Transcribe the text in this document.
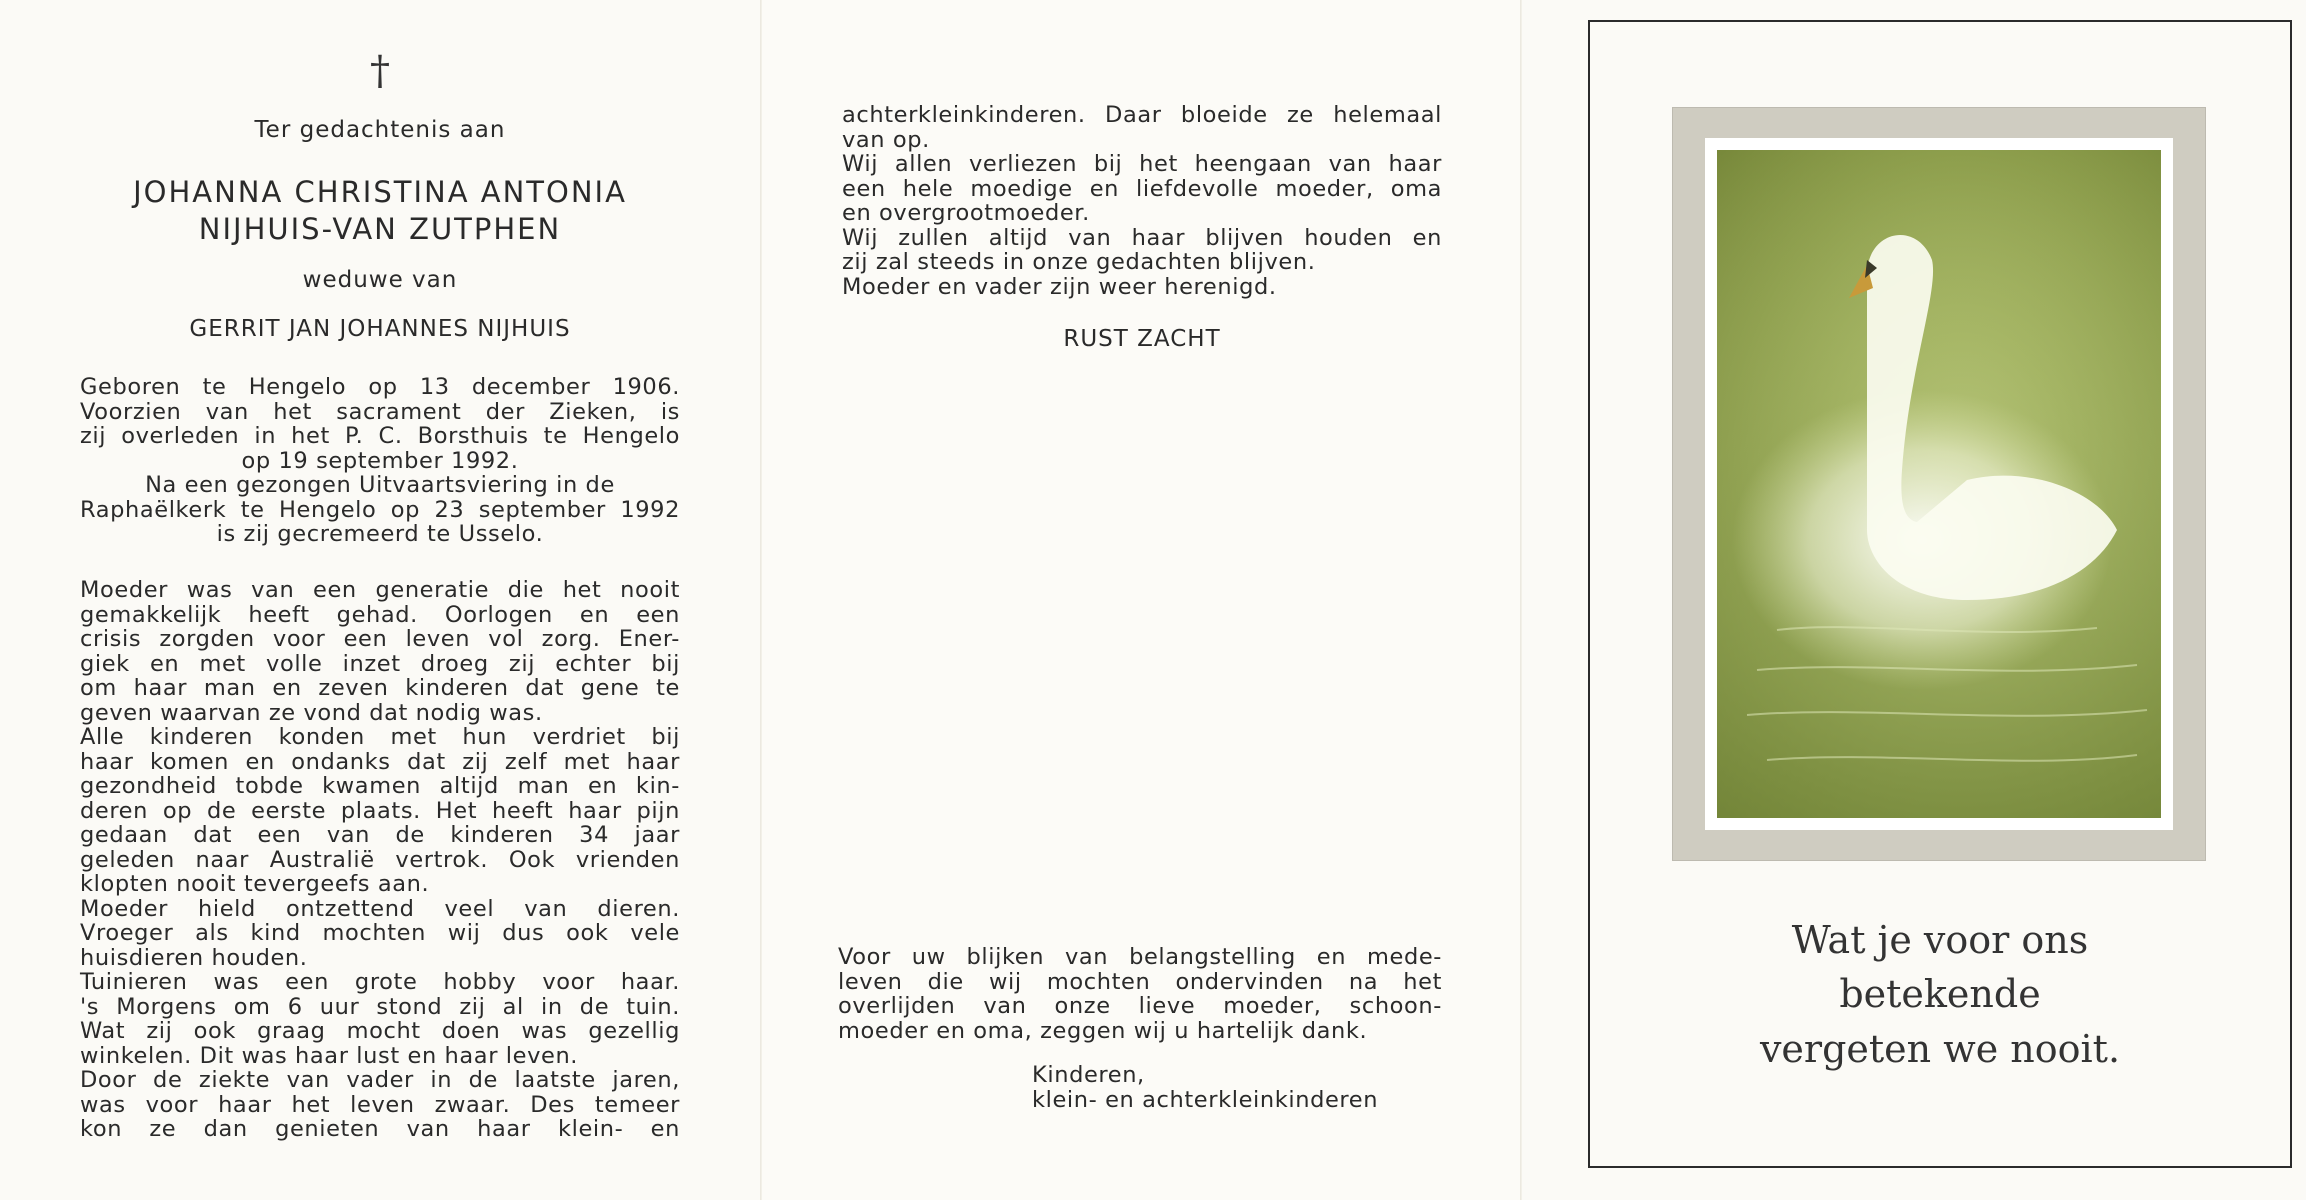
†
Ter gedachtenis aan
JOHANNA CHRISTINA ANTONIA
NIJHUIS-VAN ZUTPHEN
weduwe van
GERRIT JAN JOHANNES NIJHUIS
Geboren te Hengelo op 13 december 1906.
Voorzien van het sacrament der Zieken, is
zij overleden in het P. C. Borsthuis te Hengelo
op 19 september 1992.
Na een gezongen Uitvaartsviering in de
Raphaëlkerk te Hengelo op 23 september 1992
is zij gecremeerd te Usselo.
Moeder was van een generatie die het nooit
gemakkelijk heeft gehad. Oorlogen en een
crisis zorgden voor een leven vol zorg. Ener-
giek en met volle inzet droeg zij echter bij
om haar man en zeven kinderen dat gene te
geven waarvan ze vond dat nodig was.
Alle kinderen konden met hun verdriet bij
haar komen en ondanks dat zij zelf met haar
gezondheid tobde kwamen altijd man en kin-
deren op de eerste plaats. Het heeft haar pijn
gedaan dat een van de kinderen 34 jaar
geleden naar Australië vertrok. Ook vrienden
klopten nooit tevergeefs aan.
Moeder hield ontzettend veel van dieren.
Vroeger als kind mochten wij dus ook vele
huisdieren houden.
Tuinieren was een grote hobby voor haar.
's Morgens om 6 uur stond zij al in de tuin.
Wat zij ook graag mocht doen was gezellig
winkelen. Dit was haar lust en haar leven.
Door de ziekte van vader in de laatste jaren,
was voor haar het leven zwaar. Des temeer
kon ze dan genieten van haar klein- en
achterkleinkinderen. Daar bloeide ze helemaal
van op.
Wij allen verliezen bij het heengaan van haar
een hele moedige en liefdevolle moeder, oma
en overgrootmoeder.
Wij zullen altijd van haar blijven houden en
zij zal steeds in onze gedachten blijven.
Moeder en vader zijn weer herenigd.
RUST ZACHT
Voor uw blijken van belangstelling en mede-
leven die wij mochten ondervinden na het
overlijden van onze lieve moeder, schoon-
moeder en oma, zeggen wij u hartelijk dank.
Kinderen,
klein- en achterkleinkinderen
Wat je voor ons
betekende
vergeten we nooit.
